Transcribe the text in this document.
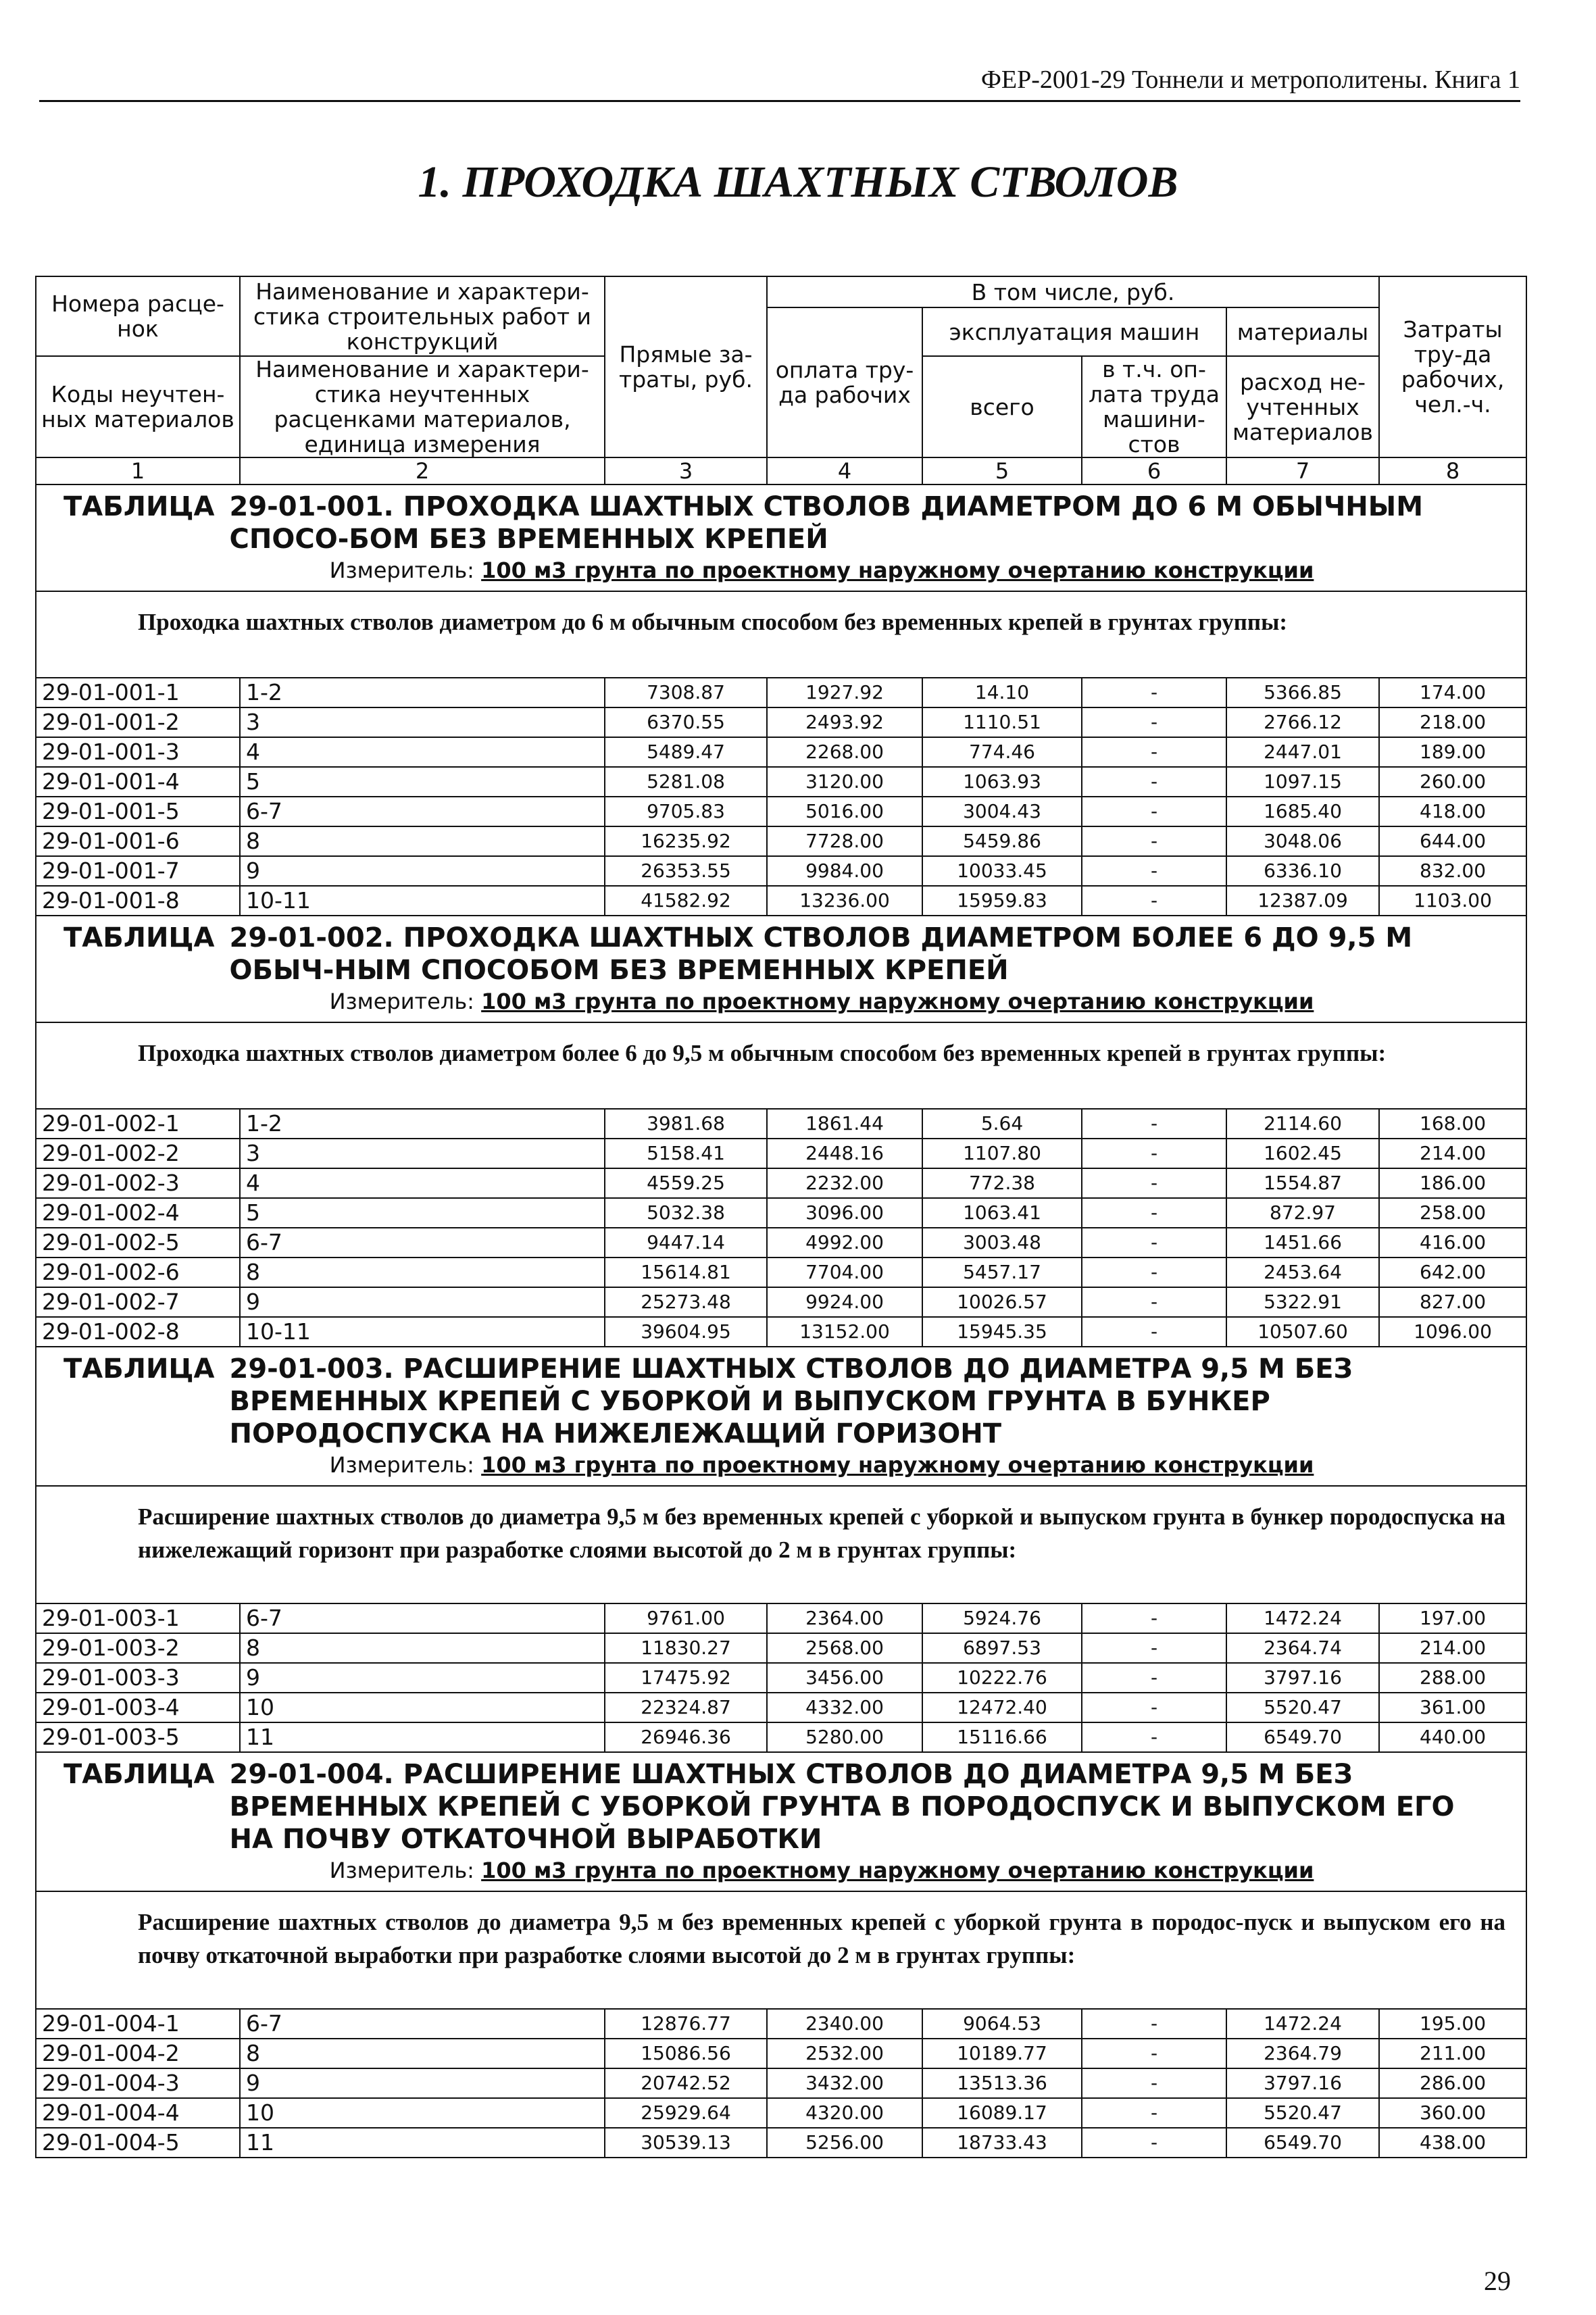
ФЕР-2001-29 Тоннели и метрополитены. Книга 1
1. ПРОХОДКА ШАХТНЫХ СТВОЛОВ
Номера расце-нок	Наименование и характери-стика строительных работ и конструкций	Прямые за-траты, руб.	В том числе, руб.				Затраты тру-да рабочих, чел.-ч.
			оплата тру-да рабочих	эксплуатация машин		материалы	
Коды неучтен-ных материалов	Наименование и характери-стика неучтенных расценками материалов, единица измерения			всего	в т.ч. оп-лата труда машини-стов	расход не-учтенных материалов	

1	2	3	4	5	6	7	8

ТАБЛИЦА 29-01-001. ПРОХОДКА ШАХТНЫХ СТВОЛОВ ДИАМЕТРОМ ДО 6 М ОБЫЧНЫМ СПОСО-БОМ БЕЗ ВРЕМЕННЫХ КРЕПЕЙ
Измеритель: 100 м3 грунта по проектному наружному очертанию конструкции							

Проходка шахтных стволов диаметром до 6 м обычным способом без временных крепей в грунтах группы:							
29-01-001-1	1-2	7308.87	1927.92	14.10	-	5366.85	174.00
29-01-001-2	3	6370.55	2493.92	1110.51	-	2766.12	218.00
29-01-001-3	4	5489.47	2268.00	774.46	-	2447.01	189.00
29-01-001-4	5	5281.08	3120.00	1063.93	-	1097.15	260.00
29-01-001-5	6-7	9705.83	5016.00	3004.43	-	1685.40	418.00
29-01-001-6	8	16235.92	7728.00	5459.86	-	3048.06	644.00
29-01-001-7	9	26353.55	9984.00	10033.45	-	6336.10	832.00
29-01-001-8	10-11	41582.92	13236.00	15959.83	-	12387.09	1103.00

ТАБЛИЦА 29-01-002. ПРОХОДКА ШАХТНЫХ СТВОЛОВ ДИАМЕТРОМ БОЛЕЕ 6 ДО 9,5 М ОБЫЧ-НЫМ СПОСОБОМ БЕЗ ВРЕМЕННЫХ КРЕПЕЙ
Измеритель: 100 м3 грунта по проектному наружному очертанию конструкции							

Проходка шахтных стволов диаметром более 6 до 9,5 м обычным способом без временных крепей в грунтах группы:							
29-01-002-1	1-2	3981.68	1861.44	5.64	-	2114.60	168.00
29-01-002-2	3	5158.41	2448.16	1107.80	-	1602.45	214.00
29-01-002-3	4	4559.25	2232.00	772.38	-	1554.87	186.00
29-01-002-4	5	5032.38	3096.00	1063.41	-	872.97	258.00
29-01-002-5	6-7	9447.14	4992.00	3003.48	-	1451.66	416.00
29-01-002-6	8	15614.81	7704.00	5457.17	-	2453.64	642.00
29-01-002-7	9	25273.48	9924.00	10026.57	-	5322.91	827.00
29-01-002-8	10-11	39604.95	13152.00	15945.35	-	10507.60	1096.00

ТАБЛИЦА 29-01-003. РАСШИРЕНИЕ ШАХТНЫХ СТВОЛОВ ДО ДИАМЕТРА 9,5 М БЕЗ ВРЕМЕННЫХ КРЕПЕЙ С УБОРКОЙ И ВЫПУСКОМ ГРУНТА В БУНКЕР ПОРОДОСПУСКА НА НИЖЕЛЕЖАЩИЙ ГОРИЗОНТ
Измеритель: 100 м3 грунта по проектному наружному очертанию конструкции							

Расширение шахтных стволов до диаметра 9,5 м без временных крепей с уборкой и выпуском грунта в бункер породоспуска на нижележащий горизонт при разработке слоями высотой до 2 м в грунтах группы:							
29-01-003-1	6-7	9761.00	2364.00	5924.76	-	1472.24	197.00
29-01-003-2	8	11830.27	2568.00	6897.53	-	2364.74	214.00
29-01-003-3	9	17475.92	3456.00	10222.76	-	3797.16	288.00
29-01-003-4	10	22324.87	4332.00	12472.40	-	5520.47	361.00
29-01-003-5	11	26946.36	5280.00	15116.66	-	6549.70	440.00

ТАБЛИЦА 29-01-004. РАСШИРЕНИЕ ШАХТНЫХ СТВОЛОВ ДО ДИАМЕТРА 9,5 М БЕЗ ВРЕМЕННЫХ КРЕПЕЙ С УБОРКОЙ ГРУНТА В ПОРОДОСПУСК И ВЫПУСКОМ ЕГО НА ПОЧВУ ОТКАТОЧНОЙ ВЫРАБОТКИ
Измеритель: 100 м3 грунта по проектному наружному очертанию конструкции							

Расширение шахтных стволов до диаметра 9,5 м без временных крепей с уборкой грунта в породос-пуск и выпуском его на почву откаточной выработки при разработке слоями высотой до 2 м в грунтах группы:							
29-01-004-1	6-7	12876.77	2340.00	9064.53	-	1472.24	195.00
29-01-004-2	8	15086.56	2532.00	10189.77	-	2364.79	211.00
29-01-004-3	9	20742.52	3432.00	13513.36	-	3797.16	286.00
29-01-004-4	10	25929.64	4320.00	16089.17	-	5520.47	360.00
29-01-004-5	11	30539.13	5256.00	18733.43	-	6549.70	438.00
29
